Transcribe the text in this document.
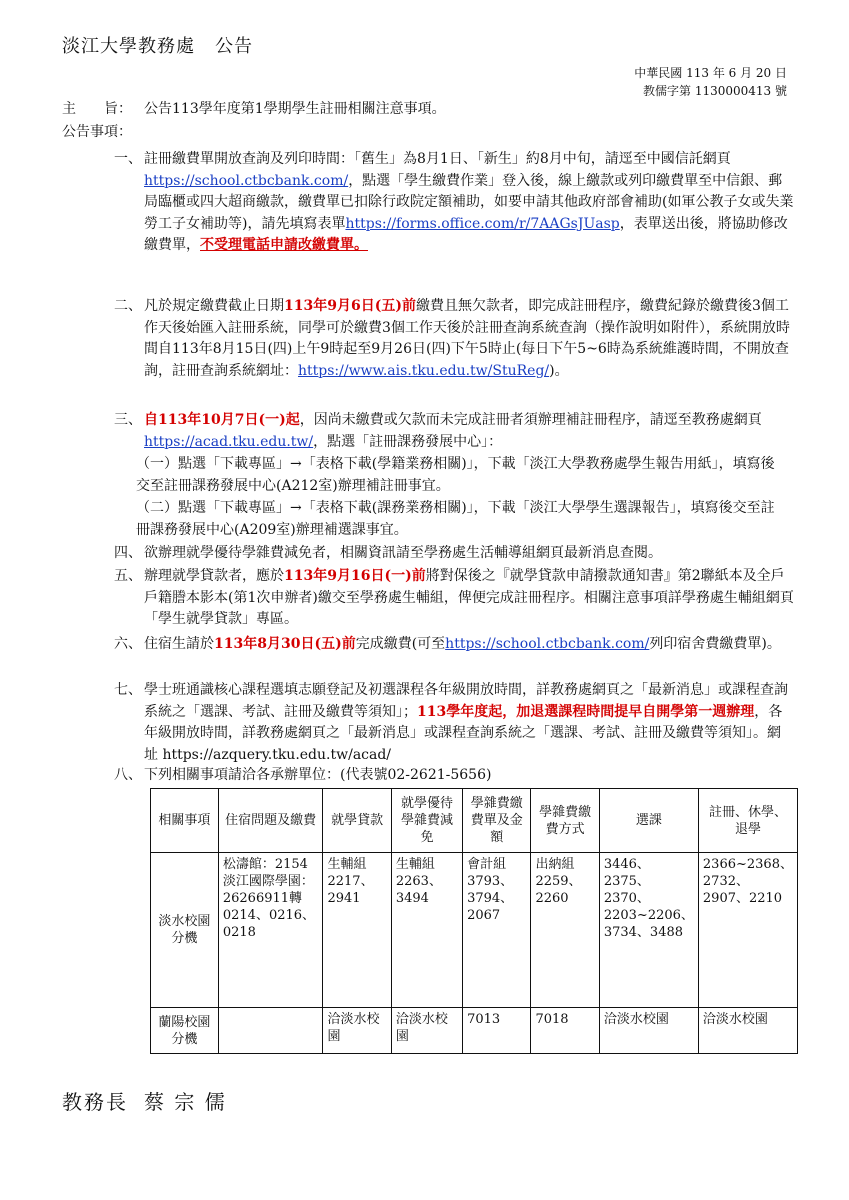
淡江大學教務處 公告
中華民國 113 年 6 月 20 日
教儒字第 1130000413 號
主　　旨： 公告113學年度第1學期學生註冊相關注意事項。
公告事項：
一、 註冊繳費單開放查詢及列印時間：「舊生」為8月1日、「新生」約8月中旬，請逕至中國信託網頁https://school.ctbcbank.com/，點選「學生繳費作業」登入後，線上繳款或列印繳費單至中信銀、郵局臨櫃或四大超商繳款，繳費單已扣除行政院定額補助，如要申請其他政府部會補助(如軍公教子女或失業勞工子女補助等)，請先填寫表單https://forms.office.com/r/7AAGsJUasp，表單送出後，將協助修改繳費單，不受理電話申請改繳費單。
二、 凡於規定繳費截止日期113年9月6日(五)前繳費且無欠款者，即完成註冊程序，繳費紀錄於繳費後3個工作天後始匯入註冊系統，同學可於繳費3個工作天後於註冊查詢系統查詢（操作說明如附件），系統開放時間自113年8月15日(四)上午9時起至9月26日(四)下午5時止(每日下午5~6時為系統維護時間，不開放查詢，註冊查詢系統網址：https://www.ais.tku.edu.tw/StuReg/)。
三、 自113年10月7日(一)起，因尚未繳費或欠款而未完成註冊者須辦理補註冊程序，請逕至教務處網頁https://acad.tku.edu.tw/，點選「註冊課務發展中心」：
（一）點選「下載專區」→「表格下載(學籍業務相關)」，下載「淡江大學教務處學生報告用紙」，填寫後交至註冊課務發展中心(A212室)辦理補註冊事宜。
（二）點選「下載專區」→「表格下載(課務業務相關)」，下載「淡江大學學生選課報告」，填寫後交至註冊課務發展中心(A209室)辦理補選課事宜。
四、 欲辦理就學優待學雜費減免者，相關資訊請至學務處生活輔導組網頁最新消息查閱。
五、 辦理就學貸款者，應於113年9月16日(一)前將對保後之『就學貸款申請撥款通知書』第2聯紙本及全戶戶籍謄本影本(第1次申辦者)繳交至學務處生輔組，俾便完成註冊程序。相關注意事項詳學務處生輔組網頁「學生就學貸款」專區。
六、 住宿生請於113年8月30日(五)前完成繳費(可至https://school.ctbcbank.com/列印宿舍費繳費單)。
七、 學士班通識核心課程選填志願登記及初選課程各年級開放時間，詳教務處網頁之「最新消息」或課程查詢系統之「選課、考試、註冊及繳費等須知」；113學年度起，加退選課程時間提早自開學第一週辦理，各年級開放時間，詳教務處網頁之「最新消息」或課程查詢系統之「選課、考試、註冊及繳費等須知」。網址 https://azquery.tku.edu.tw/acad/
八、 下列相關事項請洽各承辦單位：(代表號02-2621-5656)
相關事項	住宿問題及繳費	就學貸款	就學優待學雜費減免	學雜費繳費單及金額	學雜費繳費方式	選課	註冊、休學、退學
淡水校園分機	松濤館：2154 淡江國際學園：26266911轉0214、0216、0218	生輔組2217、2941	生輔組2263、3494	會計組3793、3794、2067	出納組2259、2260	3446、2375、2370、2203~2206、3734、3488	2366~2368、2732、2907、2210
蘭陽校園分機		洽淡水校園	洽淡水校園	7013	7018	洽淡水校園	洽淡水校園
教務長 蔡 宗 儒
